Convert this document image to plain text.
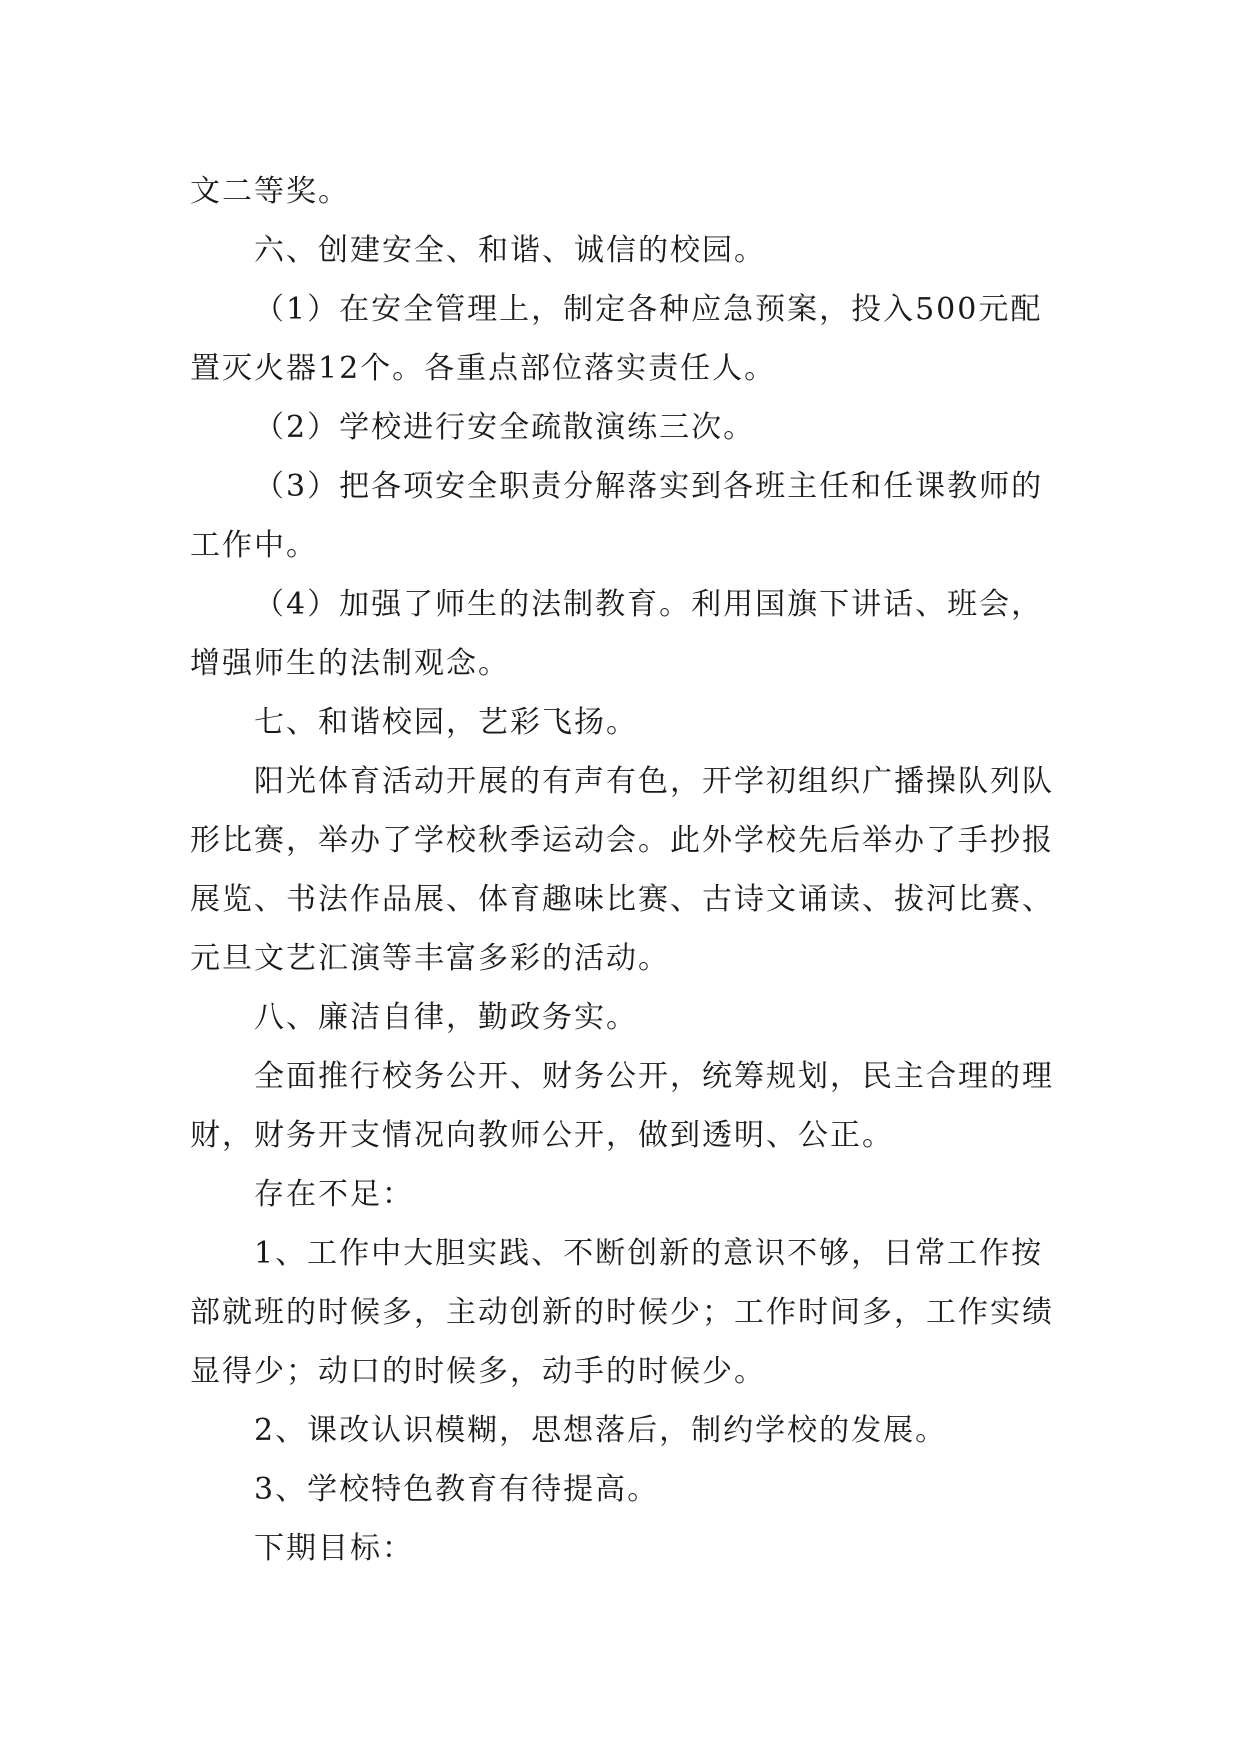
文二等奖。

六、创建安全、和谐、诚信的校园。

（1）在安全管理上，制定各种应急预案，投入500元配置灭火器12个。各重点部位落实责任人。

（2）学校进行安全疏散演练三次。

（3）把各项安全职责分解落实到各班主任和任课教师的工作中。

（4）加强了师生的法制教育。利用国旗下讲话、班会，增强师生的法制观念。

七、和谐校园，艺彩飞扬。

阳光体育活动开展的有声有色，开学初组织广播操队列队形比赛，举办了学校秋季运动会。此外学校先后举办了手抄报展览、书法作品展、体育趣味比赛、古诗文诵读、拔河比赛、元旦文艺汇演等丰富多彩的活动。

八、廉洁自律，勤政务实。

全面推行校务公开、财务公开，统筹规划，民主合理的理财，财务开支情况向教师公开，做到透明、公正。

存在不足：

1、工作中大胆实践、不断创新的意识不够，日常工作按部就班的时候多，主动创新的时候少；工作时间多，工作实绩显得少；动口的时候多，动手的时候少。

2、课改认识模糊，思想落后，制约学校的发展。

3、学校特色教育有待提高。

下期目标：
